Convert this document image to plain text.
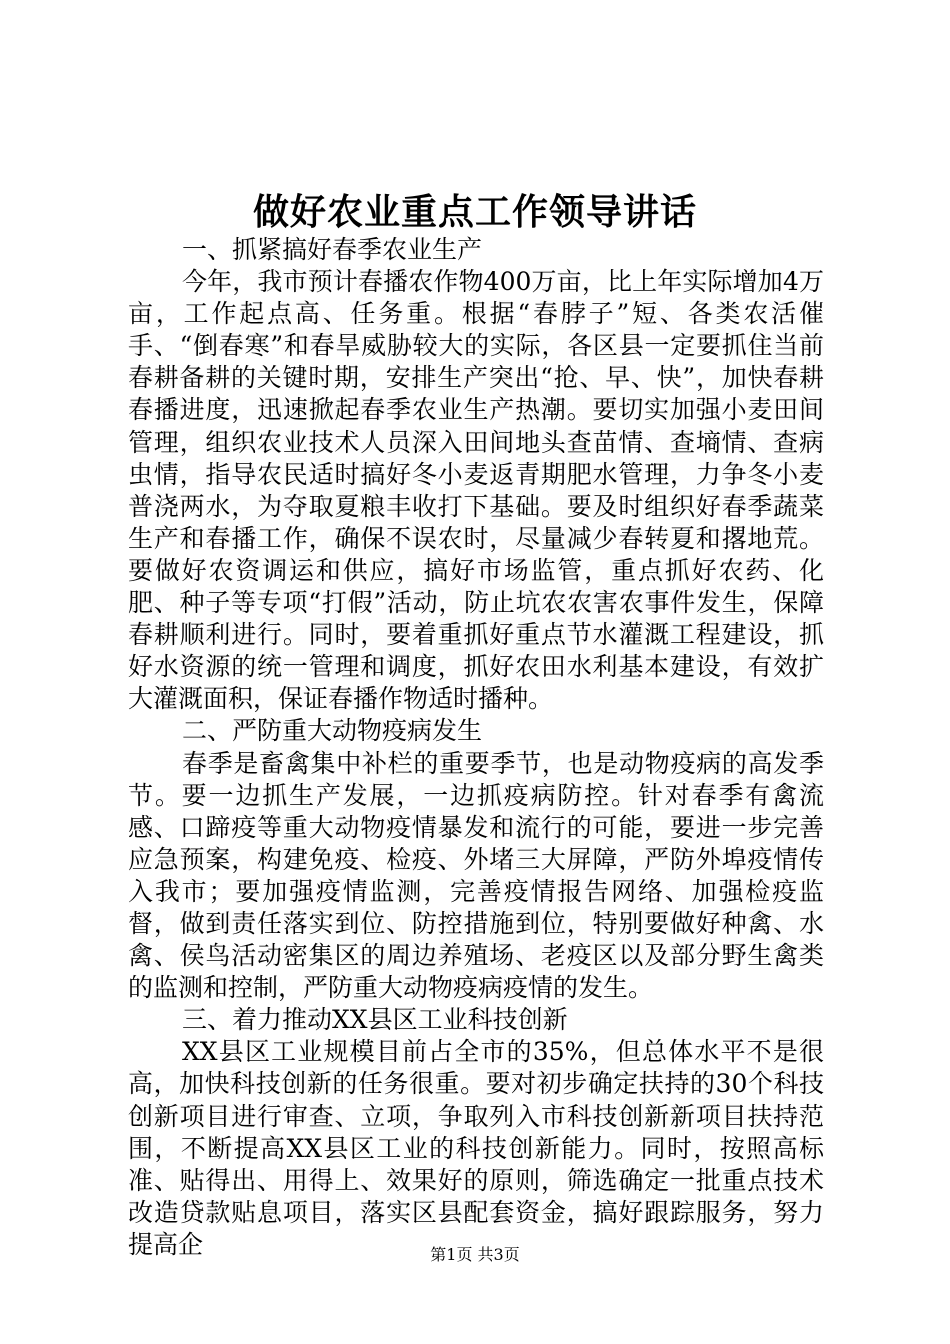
做好农业重点工作领导讲话

一、抓紧搞好春季农业生产

今年，我市预计春播农作物400万亩，比上年实际增加4万亩，工作起点高、任务重。根据“春脖子”短、各类农活催手、“倒春寒”和春旱威胁较大的实际，各区县一定要抓住当前春耕备耕的关键时期，安排生产突出“抢、早、快”，加快春耕春播进度，迅速掀起春季农业生产热潮。要切实加强小麦田间管理，组织农业技术人员深入田间地头查苗情、查墒情、查病虫情，指导农民适时搞好冬小麦返青期肥水管理，力争冬小麦普浇两水，为夺取夏粮丰收打下基础。要及时组织好春季蔬菜生产和春播工作，确保不误农时，尽量减少春转夏和撂地荒。要做好农资调运和供应，搞好市场监管，重点抓好农药、化肥、种子等专项“打假”活动，防止坑农农害农事件发生，保障春耕顺利进行。同时，要着重抓好重点节水灌溉工程建设，抓好水资源的统一管理和调度，抓好农田水利基本建设，有效扩大灌溉面积，保证春播作物适时播种。

二、严防重大动物疫病发生

春季是畜禽集中补栏的重要季节，也是动物疫病的高发季节。要一边抓生产发展，一边抓疫病防控。针对春季有禽流感、口蹄疫等重大动物疫情暴发和流行的可能，要进一步完善应急预案，构建免疫、检疫、外堵三大屏障，严防外埠疫情传入我市；要加强疫情监测，完善疫情报告网络、加强检疫监督，做到责任落实到位、防控措施到位，特别要做好种禽、水禽、侯鸟活动密集区的周边养殖场、老疫区以及部分野生禽类的监测和控制，严防重大动物疫病疫情的发生。

三、着力推动XX县区工业科技创新

XX县区工业规模目前占全市的35%，但总体水平不是很高，加快科技创新的任务很重。要对初步确定扶持的30个科技创新项目进行审查、立项，争取列入市科技创新新项目扶持范围，不断提高XX县区工业的科技创新能力。同时，按照高标准、贴得出、用得上、效果好的原则，筛选确定一批重点技术改造贷款贴息项目，落实区县配套资金，搞好跟踪服务，努力提高企	第1页 共3页
